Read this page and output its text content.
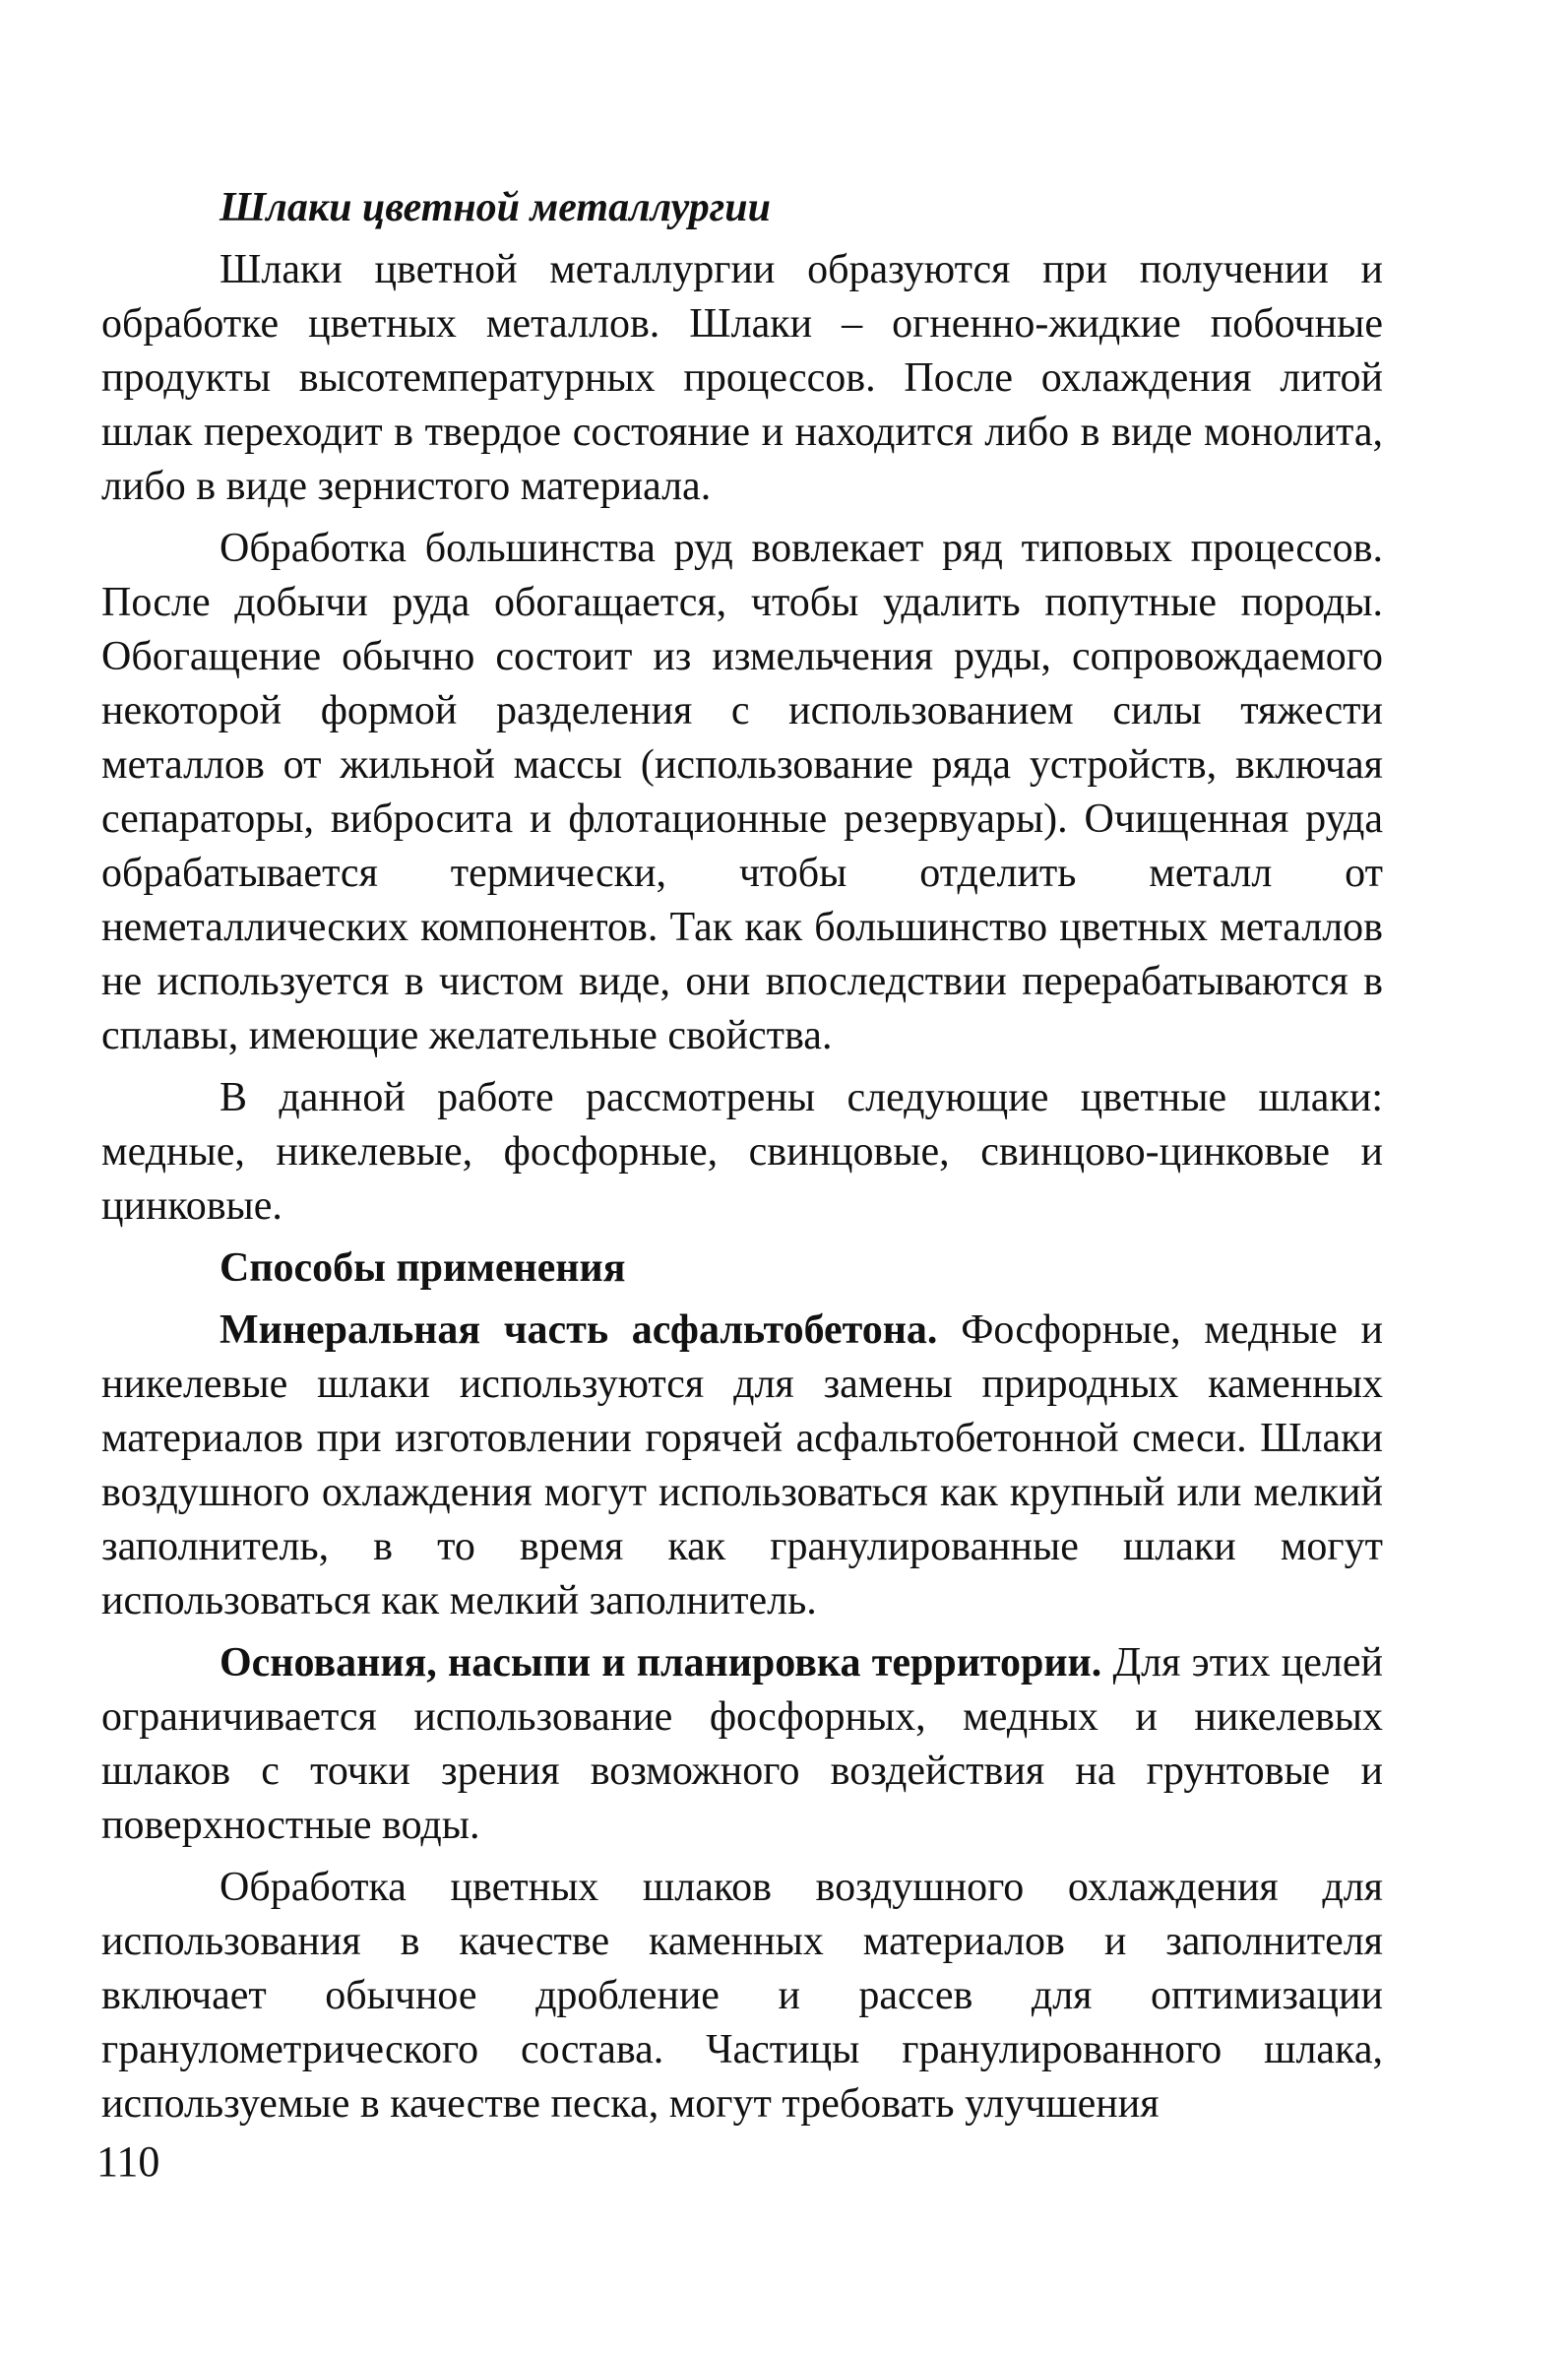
Шлаки цветной металлургии

Шлаки цветной металлургии образуются при получении и обработке цветных металлов. Шлаки – огненно-жидкие побочные продукты высотемпературных процессов. После охлаждения литой шлак переходит в твердое состояние и находится либо в виде монолита, либо в виде зернистого материала.

Обработка большинства руд вовлекает ряд типовых процессов. После добычи руда обогащается, чтобы удалить попутные породы. Обогащение обычно состоит из измельчения руды, сопровождаемого некоторой формой разделения с использованием силы тяжести металлов от жильной массы (использование ряда устройств, включая сепараторы, вибросита и флотационные резервуары). Очищенная руда обрабатывается термически, чтобы отделить металл от неметаллических компонентов. Так как большинство цветных металлов не используется в чистом виде, они впоследствии перерабатываются в сплавы, имеющие желательные свойства.

В данной работе рассмотрены следующие цветные шлаки: медные, никелевые, фосфорные, свинцовые, свинцово-цинковые и цинковые.

Способы применения

Минеральная часть асфальтобетона. Фосфорные, медные и никелевые шлаки используются для замены природных каменных материалов при изготовлении горячей асфальтобетонной смеси. Шлаки воздушного охлаждения могут использоваться как крупный или мелкий заполнитель, в то время как гранулированные шлаки могут использоваться как мелкий заполнитель.

Основания, насыпи и планировка территории. Для этих целей ограничивается использование фосфорных, медных и никелевых шлаков с точки зрения возможного воздействия на грунтовые и поверхностные воды.

Обработка цветных шлаков воздушного охлаждения для использования в качестве каменных материалов и заполнителя включает обычное дробление и рассев для оптимизации гранулометрического состава. Частицы гранулированного шлака, используемые в качестве песка, могут требовать улучшения

110
